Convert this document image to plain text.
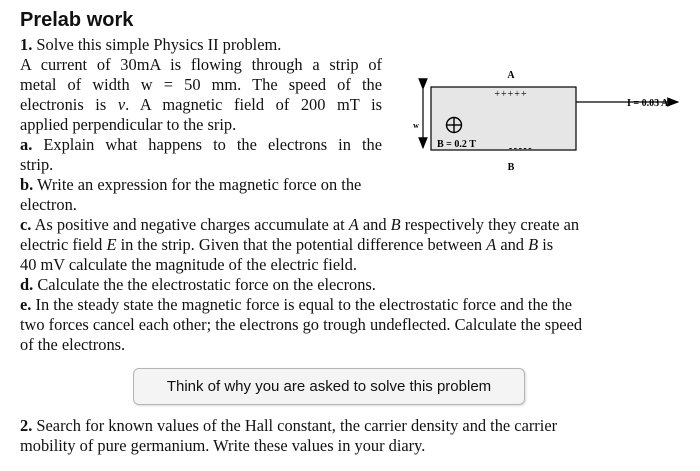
Prelab work
1. Solve this simple Physics II problem.
A current of 30mA is flowing through a strip of
metal of width w = 50 mm. The speed of the
electronis is v. A magnetic field of 200 mT is
applied perpendicular to the srip.
a. Explain what happens to the electrons in the
strip.
b. Write an expression for the magnetic force on the
electron.
c. As positive and negative charges accumulate at A and B respectively they create an
electric field E in the strip. Given that the potential difference between A and B is
40 mV calculate the magnitude of the electric field.
d. Calculate the the electrostatic force on the elecrons.
e. In the steady state the magnetic force is equal to the electrostatic force and the the
two forces cancel each other; the electrons go trough undeflected. Calculate the speed
of the electrons.
Think of why you are asked to solve this problem
2. Search for known values of the Hall constant, the carrier density and the carrier
mobility of pure germanium. Write these values in your diary.
A
+++++
I = 0.03 A
w
B = 0.2 T	-----
B
